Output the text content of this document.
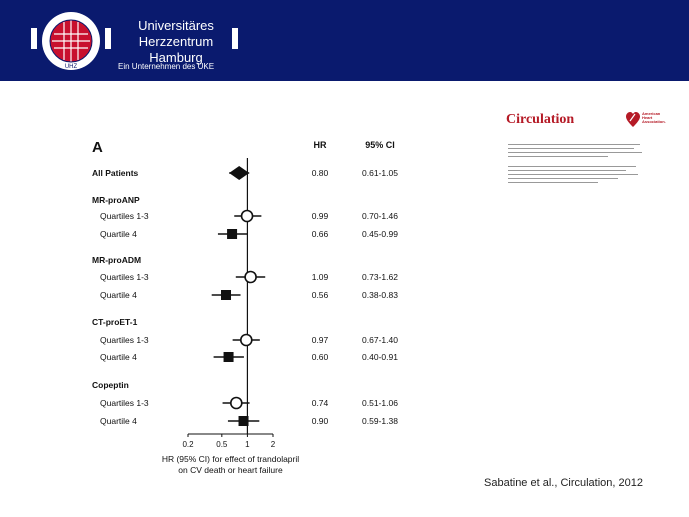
UHZ
Universitäres Herzzentrum
Hamburg
Ein Unternehmen des UKE
A	HR	95% CI
All Patients	0.80	0.61-1.05
MR-proANP
Quartiles 1-3	0.99	0.70-1.46
Quartile 4	0.66	0.45-0.99
MR-proADM
Quartiles 1-3	1.09	0.73-1.62
Quartile 4	0.56	0.38-0.83
CT-proET-1
Quartiles 1-3	0.97	0.67-1.40
Quartile 4	0.60	0.40-0.91
Copeptin
Quartiles 1-3	0.74	0.51-1.06
Quartile 4	0.90	0.59-1.38
0.2	0.5 1	2
HR (95% CI) for effect of trandolapril
on CV death or heart failure
Circulation	American Heart Association.
Sabatine et al., Circulation, 2012
